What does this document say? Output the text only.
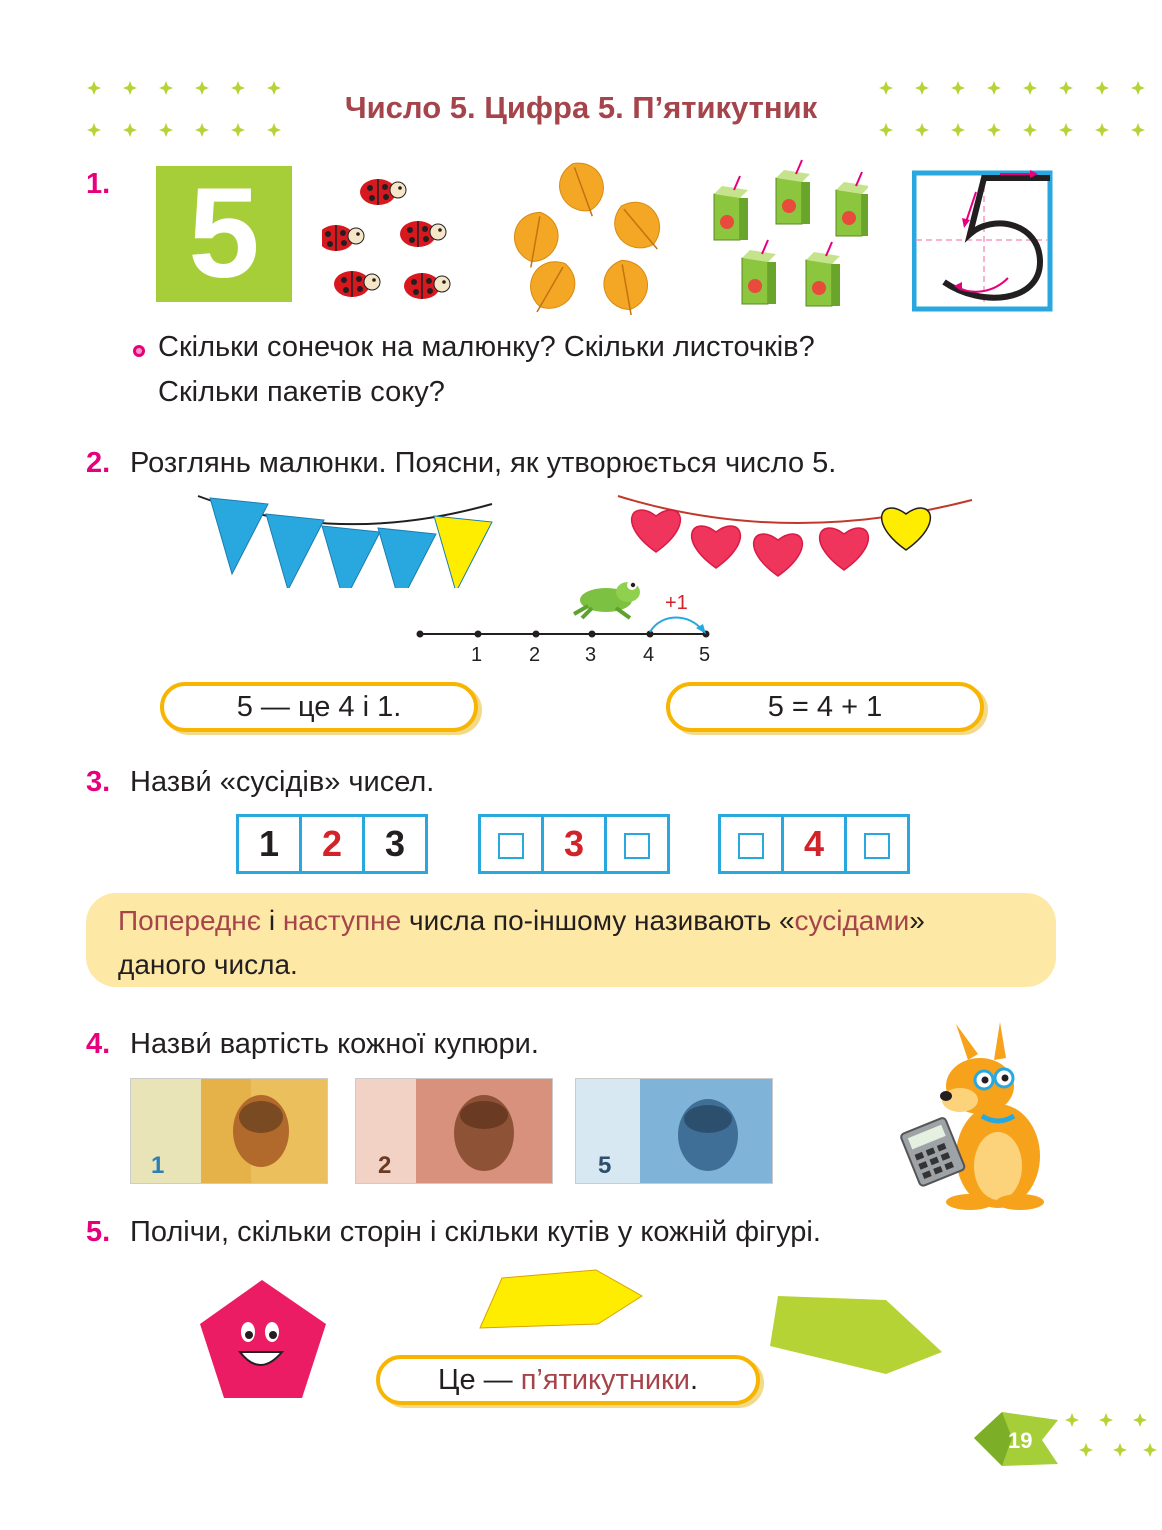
Число 5. Цифра 5. П’ятикутник
1. 5
Скільки сонечок на малюнку? Скільки листочків?
Скільки пакетів соку?
2. Розглянь малюнки. Поясни, як утворюється число 5.
+1
1 2 3 4 5
5 — це 4 і 1.	5 = 4 + 1
3. Назви́ «сусідів» чисел.
1	2	3	3	4
Попереднє і наступне числа по-іншому називають «сусідами»
даного числа.
4. Назви́ вартість кожної купюри.
1	2	5
5. Полічи, скільки сторін і скільки кутів у кожній фігурі.
Це — п’ятикутники.
19
